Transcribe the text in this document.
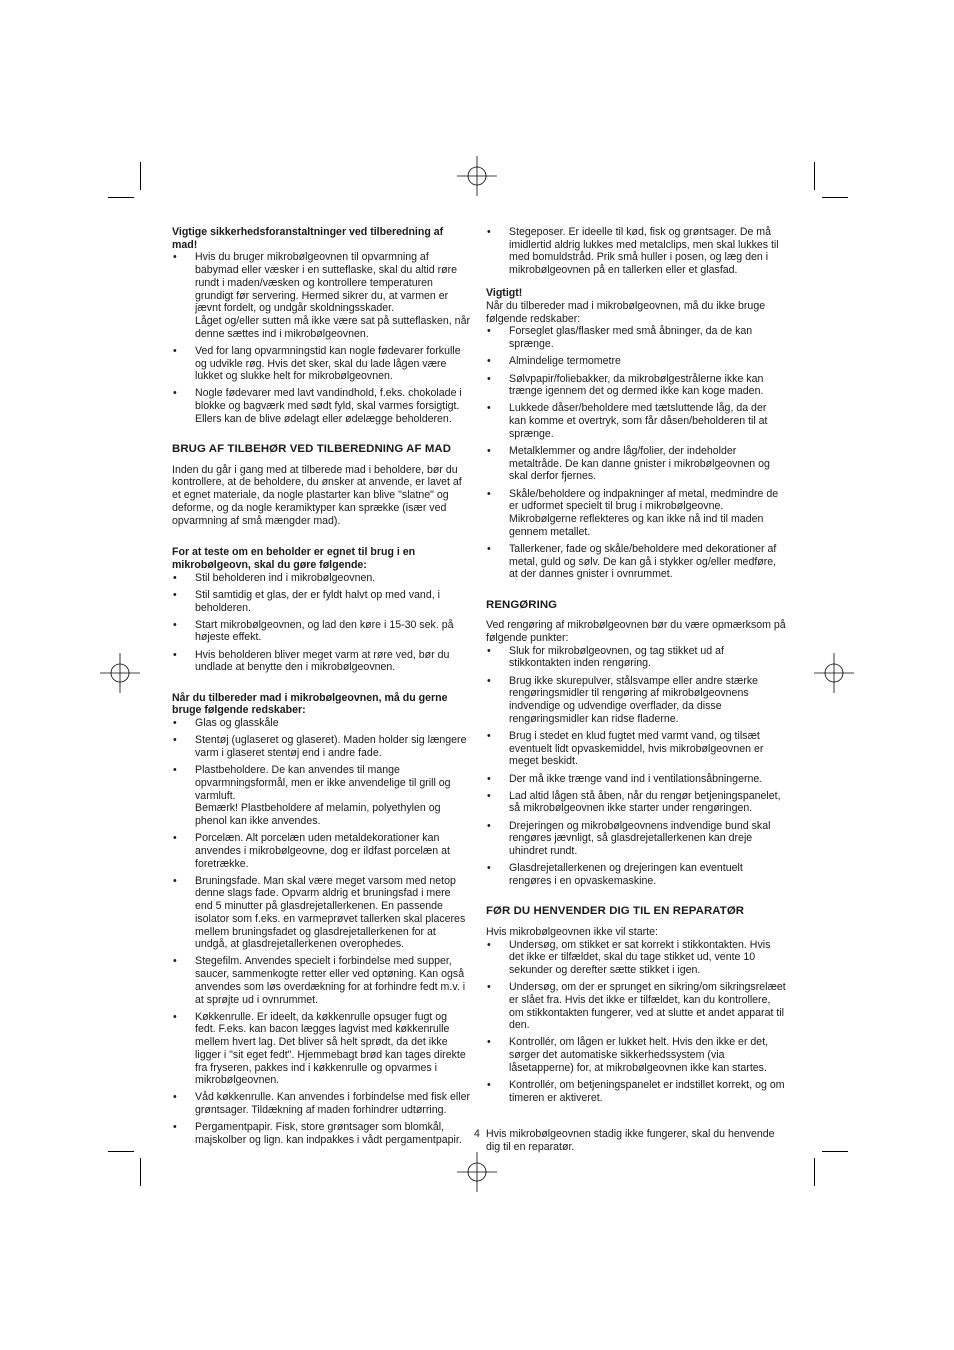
Vigtige sikkerhedsforanstaltninger ved tilberedning af mad!
• Hvis du bruger mikrobølgeovnen til opvarmning af babymad eller væsker i en sutteflaske, skal du altid røre rundt i maden/væsken og kontrollere temperaturen grundigt før servering. Hermed sikrer du, at varmen er jævnt fordelt, og undgår skoldningsskader.
Låget og/eller sutten må ikke være sat på sutteflasken, når denne sættes ind i mikrobølgeovnen.
• Ved for lang opvarmningstid kan nogle fødevarer forkulle og udvikle røg. Hvis det sker, skal du lade lågen være lukket og slukke helt for mikrobølgeovnen.
• Nogle fødevarer med lavt vandindhold, f.eks. chokolade i blokke og bagværk med sødt fyld, skal varmes forsigtigt. Ellers kan de blive ødelagt eller ødelægge beholderen.
BRUG AF TILBEHØR VED TILBEREDNING AF MAD
Inden du går i gang med at tilberede mad i beholdere, bør du kontrollere, at de beholdere, du ønsker at anvende, er lavet af et egnet materiale, da nogle plastarter kan blive "slatne" og deforme, og da nogle keramiktyper kan sprække (især ved opvarmning af små mængder mad).
For at teste om en beholder er egnet til brug i en mikrobølgeovn, skal du gøre følgende:
• Stil beholderen ind i mikrobølgeovnen.
• Stil samtidig et glas, der er fyldt halvt op med vand, i beholderen.
• Start mikrobølgeovnen, og lad den køre i 15-30 sek. på højeste effekt.
• Hvis beholderen bliver meget varm at røre ved, bør du undlade at benytte den i mikrobølgeovnen.
Når du tilbereder mad i mikrobølgeovnen, må du gerne bruge følgende redskaber:
• Glas og glasskåle
• Stentøj (uglaseret og glaseret). Maden holder sig længere varm i glaseret stentøj end i andre fade.
• Plastbeholdere. De kan anvendes til mange opvarmningsformål, men er ikke anvendelige til grill og varmluft.
Bemærk! Plastbeholdere af melamin, polyethylen og phenol kan ikke anvendes.
• Porcelæn. Alt porcelæn uden metaldekorationer kan anvendes i mikrobølgeovne, dog er ildfast porcelæn at foretrække.
• Bruningsfade. Man skal være meget varsom med netop denne slags fade. Opvarm aldrig et bruningsfad i mere end 5 minutter på glasdrejetallerkenen. En passende isolator som f.eks. en varmeprøvet tallerken skal placeres mellem bruningsfadet og glasdrejetallerkenen for at undgå, at glasdrejetallerkenen overophedes.
• Stegefilm. Anvendes specielt i forbindelse med supper, saucer, sammenkogte retter eller ved optøning. Kan også anvendes som løs overdækning for at forhindre fedt m.v. i at sprøjte ud i ovnrummet.
• Køkkenrulle. Er ideelt, da køkkenrulle opsuger fugt og fedt. F.eks. kan bacon lægges lagvist med køkkenrulle mellem hvert lag. Det bliver så helt sprødt, da det ikke ligger i "sit eget fedt". Hjemmebagt brød kan tages direkte fra fryseren, pakkes ind i køkkenrulle og opvarmes i mikrobølgeovnen.
• Våd køkkenrulle. Kan anvendes i forbindelse med fisk eller grøntsager. Tildækning af maden forhindrer udtørring.
• Pergamentpapir. Fisk, store grøntsager som blomkål, majskolber og lign. kan indpakkes i vådt pergamentpapir.
• Stegeposer. Er ideelle til kød, fisk og grøntsager. De må imidlertid aldrig lukkes med metalclips, men skal lukkes til med bomuldstråd. Prik små huller i posen, og læg den i mikrobølgeovnen på en tallerken eller et glasfad.
Vigtigt!
Når du tilbereder mad i mikrobølgeovnen, må du ikke bruge følgende redskaber:
• Forseglet glas/flasker med små åbninger, da de kan sprænge.
• Almindelige termometre
• Sølvpapir/foliebakker, da mikrobølgestrålerne ikke kan trænge igennem det og dermed ikke kan koge maden.
• Lukkede dåser/beholdere med tætsluttende låg, da der kan komme et overtryk, som får dåsen/beholderen til at sprænge.
• Metalklemmer og andre låg/folier, der indeholder metaltråde. De kan danne gnister i mikrobølgeovnen og skal derfor fjernes.
• Skåle/beholdere og indpakninger af metal, medmindre de er udformet specielt til brug i mikrobølgeovne. Mikrobølgerne reflekteres og kan ikke nå ind til maden gennem metallet.
• Tallerkener, fade og skåle/beholdere med dekorationer af metal, guld og sølv. De kan gå i stykker og/eller medføre, at der dannes gnister i ovnrummet.
RENGØRING
Ved rengøring af mikrobølgeovnen bør du være opmærksom på følgende punkter:
• Sluk for mikrobølgeovnen, og tag stikket ud af stikkontakten inden rengøring.
• Brug ikke skurepulver, stålsvampe eller andre stærke rengøringsmidler til rengøring af mikrobølgeovnens indvendige og udvendige overflader, da disse rengøringsmidler kan ridse fladerne.
• Brug i stedet en klud fugtet med varmt vand, og tilsæt eventuelt lidt opvaskemiddel, hvis mikrobølgeovnen er meget beskidt.
• Der må ikke trænge vand ind i ventilationsåbningerne.
• Lad altid lågen stå åben, når du rengør betjeningspanelet, så mikrobølgeovnen ikke starter under rengøringen.
• Drejeringen og mikrobølgeovnens indvendige bund skal rengøres jævnligt, så glasdrejetallerkenen kan dreje uhindret rundt.
• Glasdrejetallerkenen og drejeringen kan eventuelt rengøres i en opvaskemaskine.
FØR DU HENVENDER DIG TIL EN REPARATØR
Hvis mikrobølgeovnen ikke vil starte:
• Undersøg, om stikket er sat korrekt i stikkontakten. Hvis det ikke er tilfældet, skal du tage stikket ud, vente 10 sekunder og derefter sætte stikket i igen.
• Undersøg, om der er sprunget en sikring/om sikringsrelæet er slået fra. Hvis det ikke er tilfældet, kan du kontrollere, om stikkontakten fungerer, ved at slutte et andet apparat til den.
• Kontrollér, om lågen er lukket helt. Hvis den ikke er det, sørger det automatiske sikkerhedssystem (via låsetapperne) for, at mikrobølgeovnen ikke kan startes.
• Kontrollér, om betjeningspanelet er indstillet korrekt, og om timeren er aktiveret.
Hvis mikrobølgeovnen stadig ikke fungerer, skal du henvende dig til en reparatør.
4
